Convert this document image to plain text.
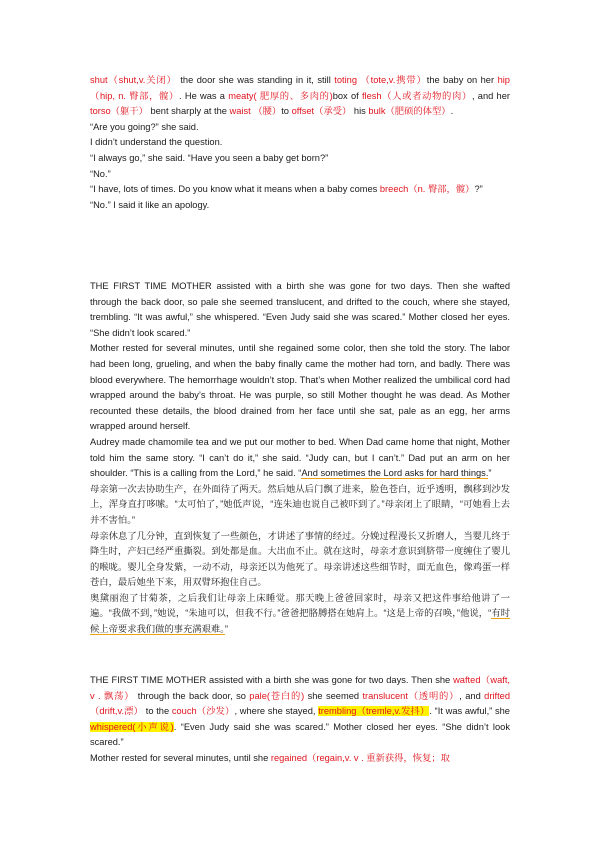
shut（shut,v.关闭） the door she was standing in it, still toting （tote,v.携带）the baby on her hip（hip, n. 臀部，髋）. He was a meaty( 肥厚的、多肉的)box of flesh（人或者动物的肉）, and her torso（躯干） bent sharply at the waist （腰）to offset（承受） his bulk（肥硕的体型）.

“Are you going?” she said.

I didn’t understand the question.

“I always go,” she said. “Have you seen a baby get born?”

“No.”

“I have, lots of times. Do you know what it means when a baby comes breech（n. 臀部，髋）?”

“No.” I said it like an apology.

THE FIRST TIME MOTHER assisted with a birth she was gone for two days. Then she wafted through the back door, so pale she seemed translucent, and drifted to the couch, where she stayed, trembling. “It was awful,” she whispered. “Even Judy said she was scared.” Mother closed her eyes. “She didn’t look scared.”

Mother rested for several minutes, until she regained some color, then she told the story. The labor had been long, grueling, and when the baby finally came the mother had torn, and badly. There was blood everywhere. The hemorrhage wouldn’t stop. That’s when Mother realized the umbilical cord had wrapped around the baby’s throat. He was purple, so still Mother thought he was dead. As Mother recounted these details, the blood drained from her face until she sat, pale as an egg, her arms wrapped around herself.

Audrey made chamomile tea and we put our mother to bed. When Dad came home that night, Mother told him the same story. “I can’t do it,” she said. “Judy can, but I can’t.” Dad put an arm on her shoulder. “This is a calling from the Lord,” he said. “And sometimes the Lord asks for hard things.”

母亲第一次去协助生产，在外面待了两天。然后她从后门飘了进来，脸色苍白，近乎透明，飘移到沙发上，浑身直打哆嗦。“太可怕了，”她低声说，“连朱迪也说自己被吓到了。”母亲闭上了眼睛，“可她看上去并不害怕。”

母亲休息了几分钟，直到恢复了一些颜色，才讲述了事情的经过。分娩过程漫长又折磨人，当婴儿终于降生时，产妇已经严重撕裂。到处都是血。大出血不止。就在这时，母亲才意识到脐带一度缠住了婴儿的喉咙。婴儿全身发紫，一动不动，母亲还以为他死了。母亲讲述这些细节时，面无血色，像鸡蛋一样苍白，最后她坐下来，用双臂环抱住自己。

奥黛丽泡了甘菊茶，之后我们让母亲上床睡觉。那天晚上爸爸回家时，母亲又把这件事给他讲了一遍。“我做不到，”她说，“朱迪可以，但我不行。”爸爸把胳膊搭在她肩上。“这是上帝的召唤，”他说，“有时候上帝要求我们做的事充满艰难。”

THE FIRST TIME MOTHER assisted with a birth she was gone for two days. Then she wafted（waft, v . 飘荡） through the back door, so pale(苍白的) she seemed translucent（透明的）, and drifted（drift,v.漂） to the couch（沙发）, where she stayed, trembling（tremle,v.发抖）. “It was awful,” she whispered(小声说). “Even Judy said she was scared.” Mother closed her eyes. “She didn’t look scared.”

Mother rested for several minutes, until she regained（regain,v. v . 重新获得，恢复；取
